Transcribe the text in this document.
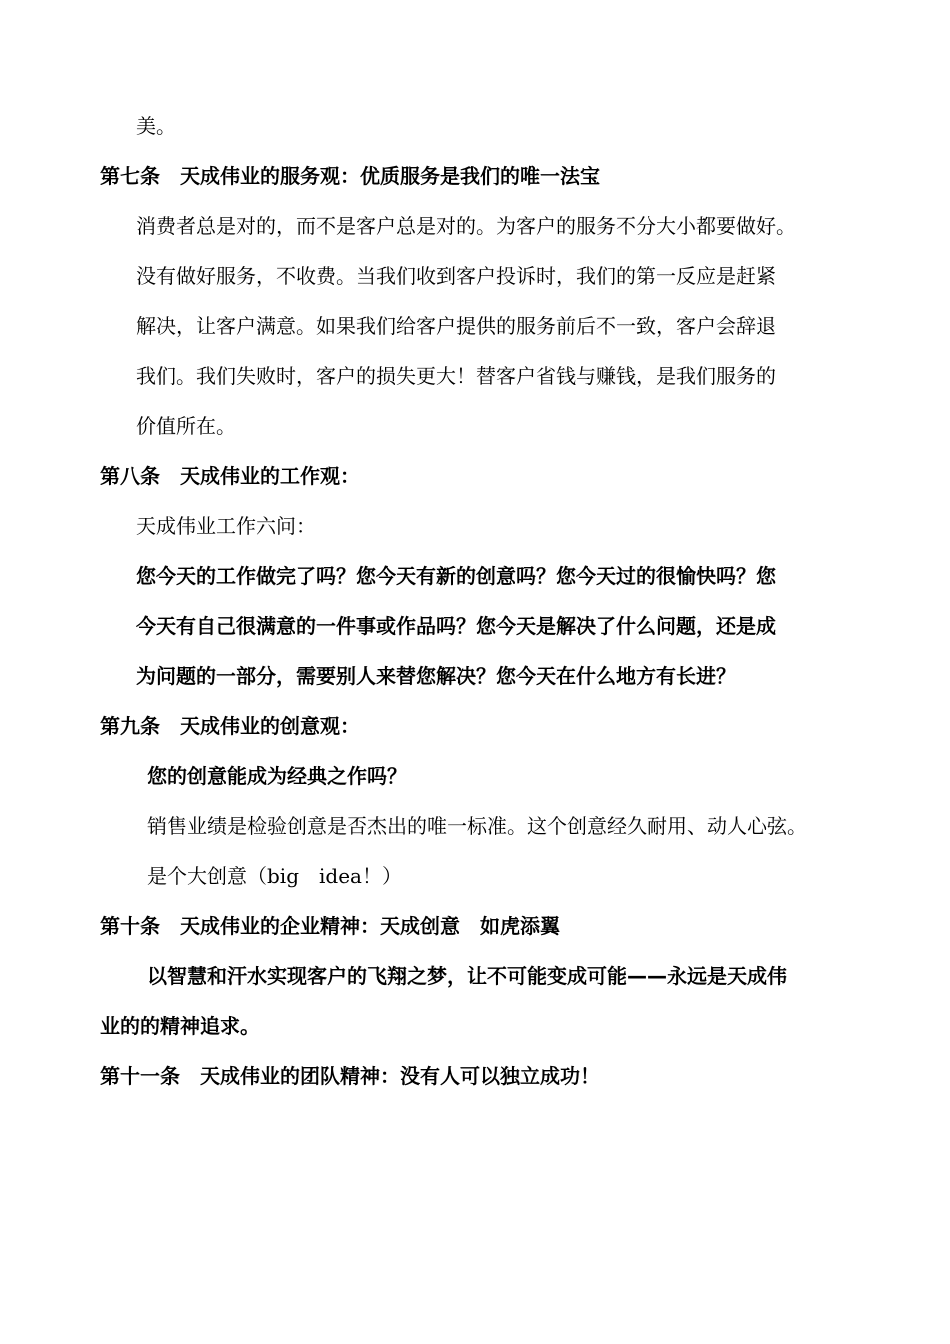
美。
第七条　天成伟业的服务观：优质服务是我们的唯一法宝
消费者总是对的，而不是客户总是对的。为客户的服务不分大小都要做好。
没有做好服务，不收费。当我们收到客户投诉时，我们的第一反应是赶紧
解决，让客户满意。如果我们给客户提供的服务前后不一致，客户会辞退
我们。我们失败时，客户的损失更大！替客户省钱与赚钱，是我们服务的
价值所在。
第八条　天成伟业的工作观：
天成伟业工作六问：
您今天的工作做完了吗？您今天有新的创意吗？您今天过的很愉快吗？您
今天有自己很满意的一件事或作品吗？您今天是解决了什么问题，还是成
为问题的一部分，需要别人来替您解决？您今天在什么地方有长进？
第九条　天成伟业的创意观：
您的创意能成为经典之作吗？
销售业绩是检验创意是否杰出的唯一标准。这个创意经久耐用、动人心弦。
是个大创意（big　idea！）
第十条　天成伟业的企业精神：天成创意　如虎添翼
以智慧和汗水实现客户的飞翔之梦，让不可能变成可能——永远是天成伟
业的的精神追求。
第十一条　天成伟业的团队精神：没有人可以独立成功！
